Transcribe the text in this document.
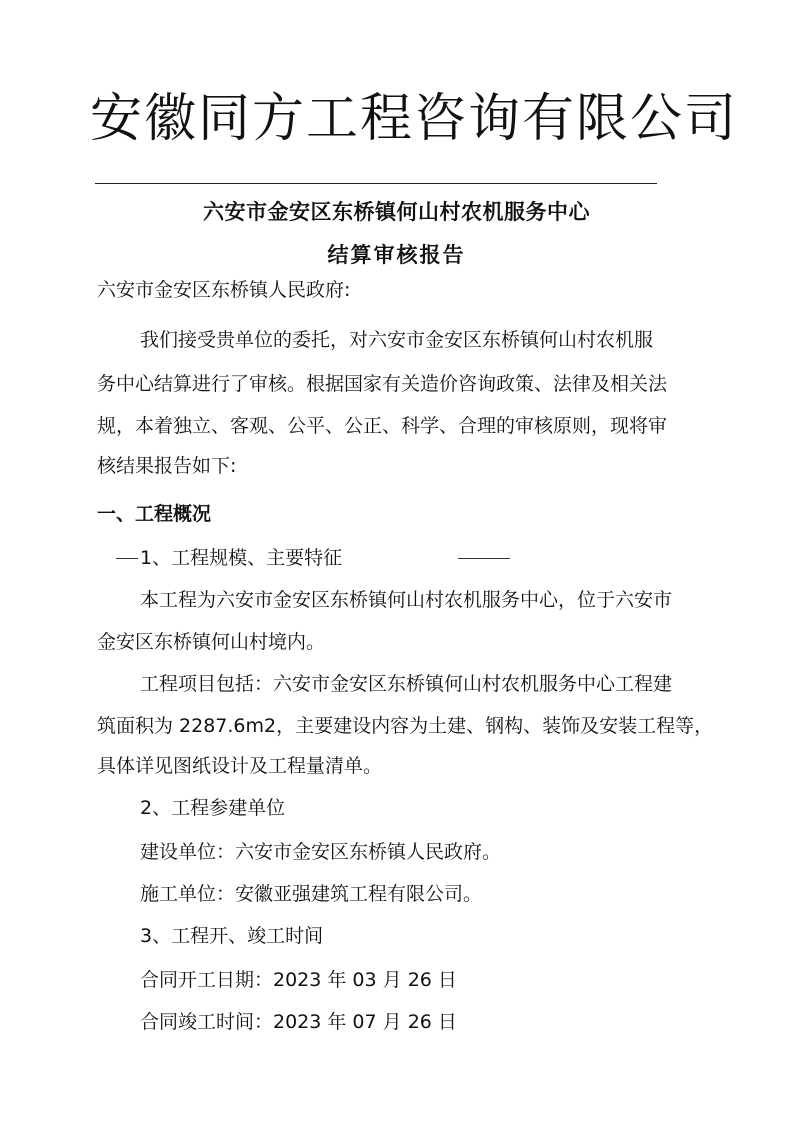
安徽同方工程咨询有限公司
六安市金安区东桥镇何山村农机服务中心
结算审核报告
六安市金安区东桥镇人民政府:
我们接受贵单位的委托，对六安市金安区东桥镇何山村农机服
务中心结算进行了审核。根据国家有关造价咨询政策、法律及相关法
规，本着独立、客观、公平、公正、科学、合理的审核原则，现将审
核结果报告如下:
一、工程概况
1、工程规模、主要特征
本工程为六安市金安区东桥镇何山村农机服务中心，位于六安市
金安区东桥镇何山村境内。
工程项目包括：六安市金安区东桥镇何山村农机服务中心工程建
筑面积为 2287.6m2，主要建设内容为土建、钢构、装饰及安装工程等，
具体详见图纸设计及工程量清单。
2、工程参建单位
建设单位：六安市金安区东桥镇人民政府。
施工单位：安徽亚强建筑工程有限公司。
3、工程开、竣工时间
合同开工日期：2023 年 03 月 26 日
合同竣工时间：2023 年 07 月 26 日
